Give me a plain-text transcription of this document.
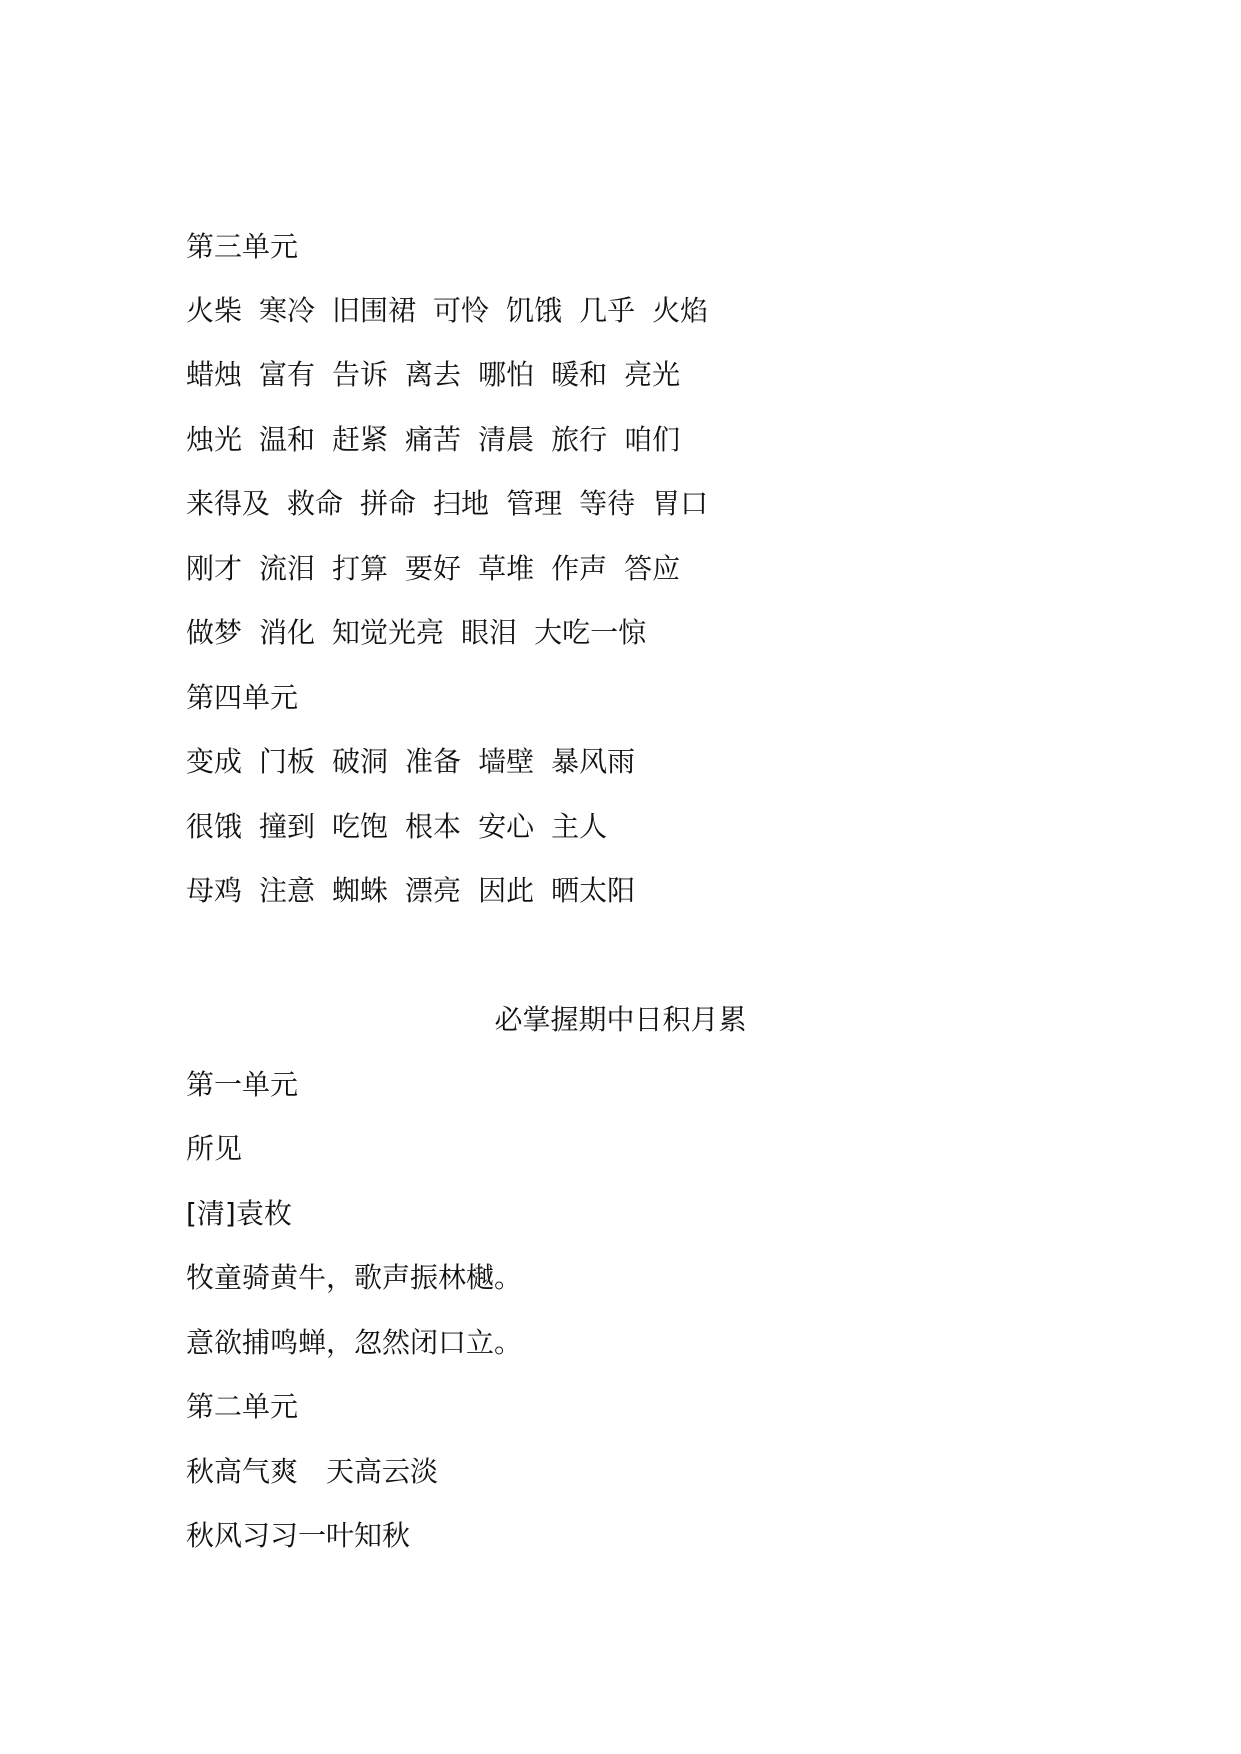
第三单元
火柴 寒冷 旧围裙 可怜 饥饿 几乎 火焰
蜡烛 富有 告诉 离去 哪怕 暖和 亮光
烛光 温和 赶紧 痛苦 清晨 旅行 咱们
来得及 救命 拼命 扫地 管理 等待 胃口
刚才 流泪 打算 要好 草堆 作声 答应
做梦 消化 知觉光亮 眼泪 大吃一惊
第四单元
变成 门板 破洞 准备 墙壁 暴风雨
很饿 撞到 吃饱 根本 安心 主人
母鸡 注意 蜘蛛 漂亮 因此 晒太阳
必掌握期中日积月累
第一单元
所见
[清]袁枚
牧童骑黄牛，歌声振林樾。
意欲捕鸣蝉，忽然闭口立。
第二单元
秋高气爽　天高云淡
秋风习习一叶知秋
